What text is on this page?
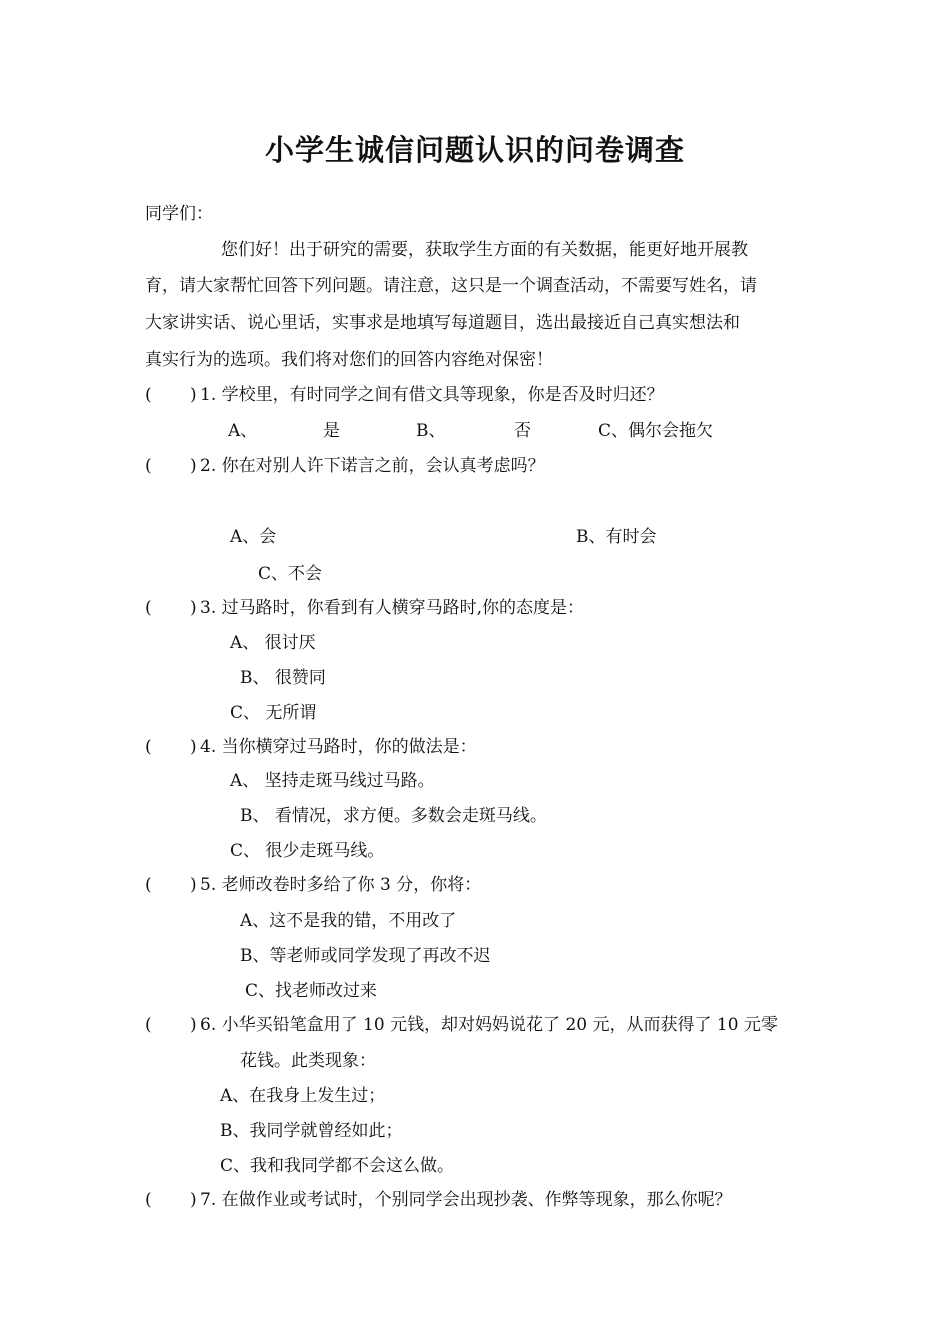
小学生诚信问题认识的问卷调查
同学们：
您们好！出于研究的需要，获取学生方面的有关数据，能更好地开展教
育，请大家帮忙回答下列问题。请注意，这只是一个调查活动，不需要写姓名，请
大家讲实话、说心里话，实事求是地填写每道题目，选出最接近自己真实想法和
真实行为的选项。我们将对您们的回答内容绝对保密！
( ) 1. 学校里，有时同学之间有借文具等现象，你是否及时归还？
A、	是	B、	否	C、偶尔会拖欠
( ) 2. 你在对别人许下诺言之前，会认真考虑吗？
A、会	B、有时会
C、不会
( ) 3. 过马路时，你看到有人横穿马路时,你的态度是：
A、 很讨厌
B、 很赞同
C、 无所谓
( ) 4. 当你横穿过马路时，你的做法是：
A、 坚持走斑马线过马路。
B、 看情况，求方便。多数会走斑马线。
C、 很少走斑马线。
( ) 5. 老师改卷时多给了你 3 分，你将：
A、这不是我的错，不用改了
B、等老师或同学发现了再改不迟
C、找老师改过来
( ) 6. 小华买铅笔盒用了 10 元钱，却对妈妈说花了 20 元，从而获得了 10 元零
花钱。此类现象：
A、在我身上发生过；
B、我同学就曾经如此；
C、我和我同学都不会这么做。
( ) 7. 在做作业或考试时，个别同学会出现抄袭、作弊等现象，那么你呢？
